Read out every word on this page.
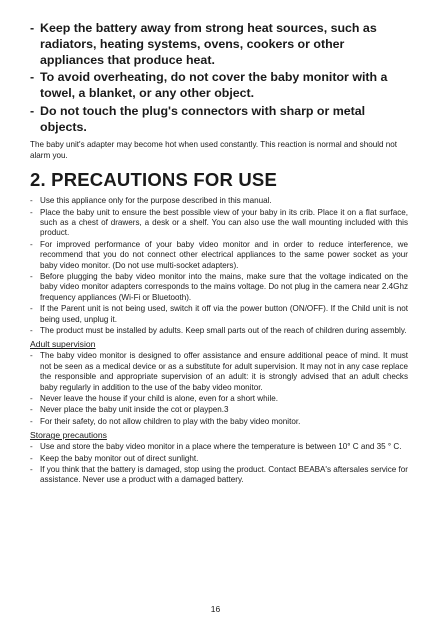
- Keep the battery away from strong heat sources, such as radiators, heating systems, ovens, cookers or other appliances that produce heat.
- To avoid overheating, do not cover the baby monitor with a towel, a blanket, or any other object.
- Do not touch the plug's connectors with sharp or metal objects.

The baby unit's adapter may become hot when used constantly. This reaction is normal and should not alarm you.

2. PRECAUTIONS FOR USE
- Use this appliance only for the purpose described in this manual.
- Place the baby unit to ensure the best possible view of your baby in its crib. Place it on a flat surface, such as a chest of drawers, a desk or a shelf. You can also use the wall mounting included with this product.
- For improved performance of your baby video monitor and in order to reduce interference, we recommend that you do not connect other electrical appliances to the same power socket as your baby video monitor. (Do not use multi-socket adapters).
- Before plugging the baby video monitor into the mains, make sure that the voltage indicated on the baby video monitor adapters corresponds to the mains voltage. Do not plug in the camera near 2.4Ghz frequency appliances (Wi-Fi or Bluetooth).
- If the Parent unit is not being used, switch it off via the power button (ON/OFF). If the Child unit is not being used, unplug it.
- The product must be installed by adults. Keep small parts out of the reach of children during assembly.
Adult supervision
- The baby video monitor is designed to offer assistance and ensure additional peace of mind. It must not be seen as a medical device or as a substitute for adult supervision. It may not in any case replace the responsible and appropriate supervision of an adult: it is strongly advised that an adult checks baby regularly in addition to the use of the baby video monitor.
- Never leave the house if your child is alone, even for a short while.
- Never place the baby unit inside the cot or playpen.3
- For their safety, do not allow children to play with the baby video monitor.
Storage precautions
- Use and store the baby video monitor in a place where the temperature is between 10° C and 35 ° C.
- Keep the baby monitor out of direct sunlight.
- If you think that the battery is damaged, stop using the product. Contact BEABA's aftersales service for assistance. Never use a product with a damaged battery.
16
